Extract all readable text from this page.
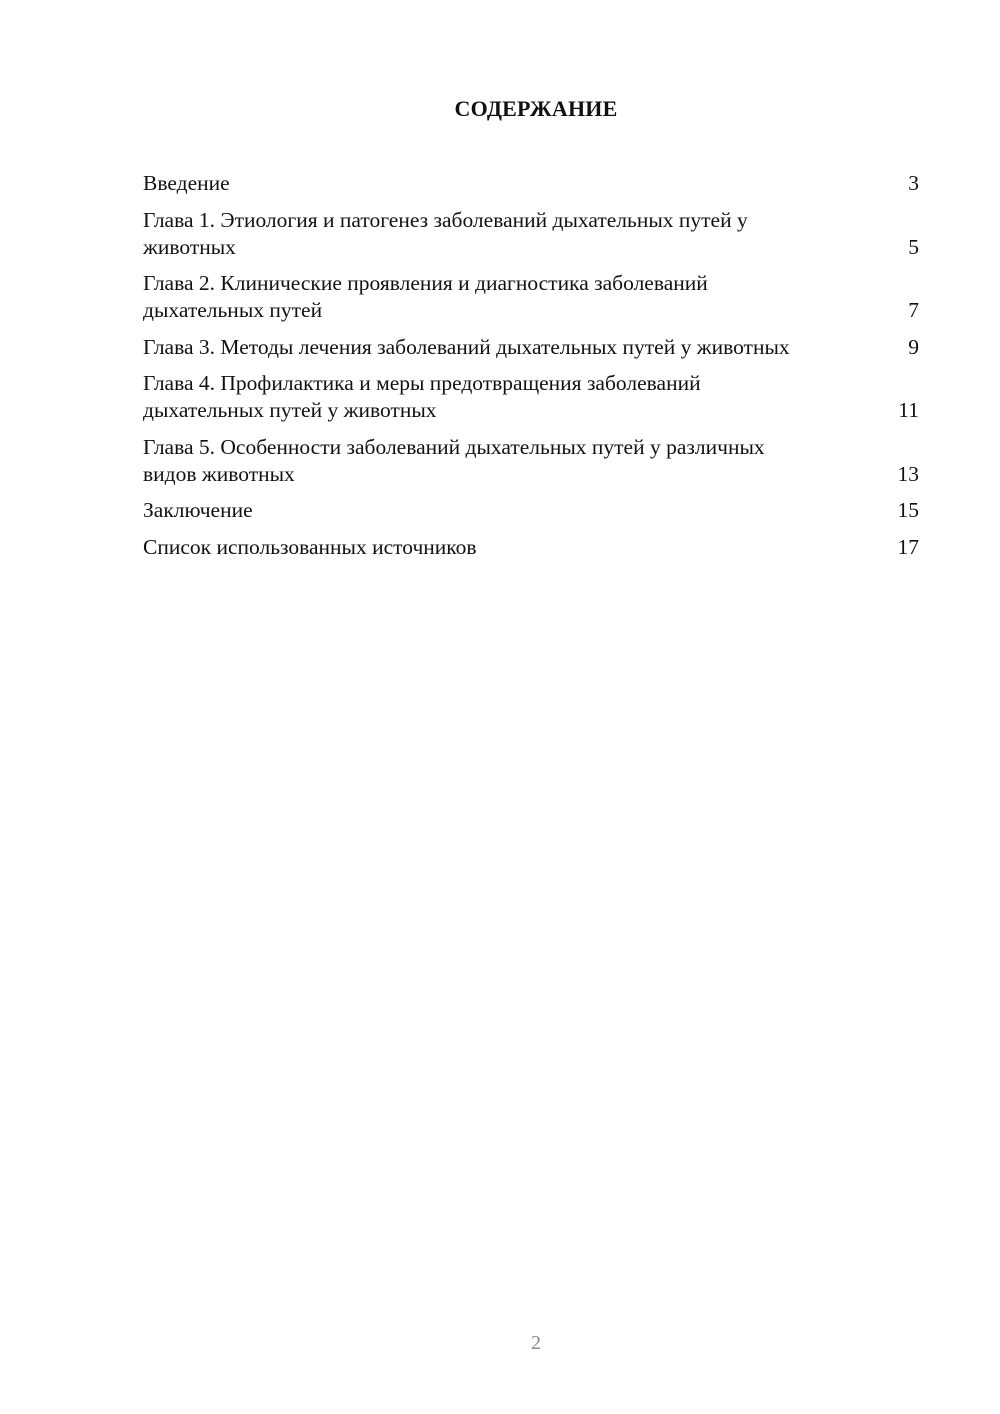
СОДЕРЖАНИЕ
Введение	3
Глава 1. Этиология и патогенез заболеваний дыхательных путей у животных	5
Глава 2. Клинические проявления и диагностика заболеваний дыхательных путей	7
Глава 3. Методы лечения заболеваний дыхательных путей у животных	9
Глава 4. Профилактика и меры предотвращения заболеваний дыхательных путей у животных	11
Глава 5. Особенности заболеваний дыхательных путей у различных видов животных	13
Заключение	15
Список использованных источников	17
2
